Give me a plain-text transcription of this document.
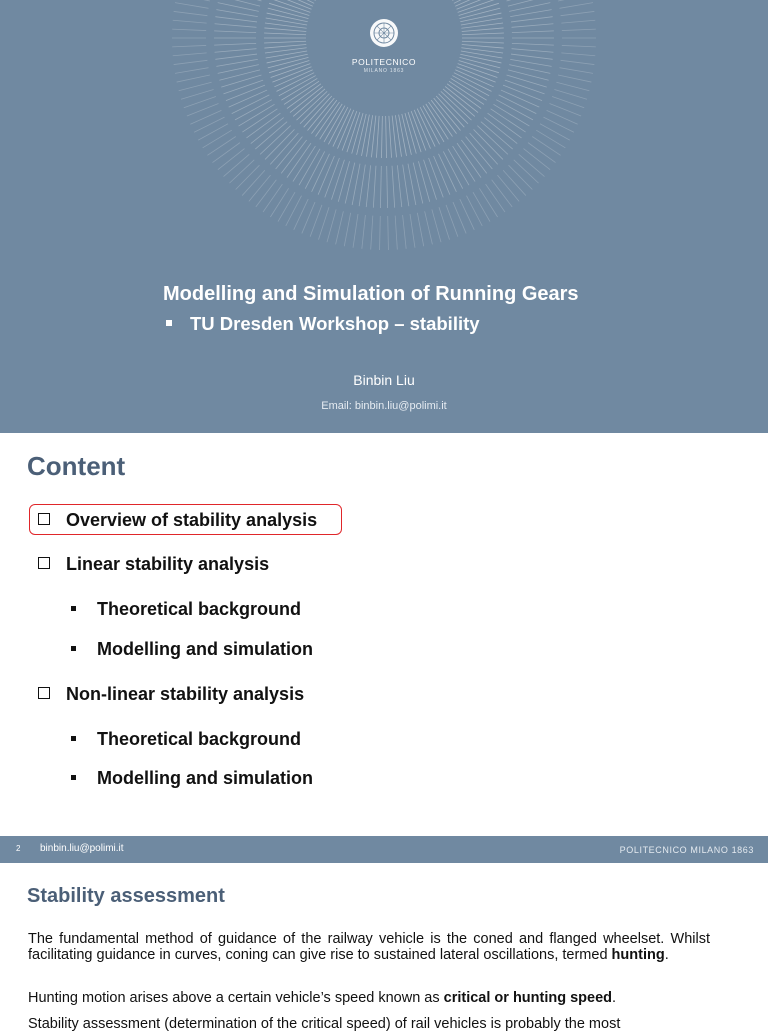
POLITECNICO
MILANO 1863
Modelling and Simulation of Running Gears
TU Dresden Workshop – stability
Binbin Liu
Email: binbin.liu@polimi.it
Content
Overview of stability analysis
Linear stability analysis
Theoretical background
Modelling and simulation
Non-linear stability analysis
Theoretical background
Modelling and simulation
2 binbin.liu@polimi.it	POLITECNICO MILANO 1863
Stability assessment
The fundamental method of guidance of the railway vehicle is the coned and flanged wheelset. Whilst facilitating guidance in curves, coning can give rise to sustained lateral oscillations, termed hunting.
Hunting motion arises above a certain vehicle’s speed known as critical or hunting speed.
Stability assessment (determination of the critical speed) of rail vehicles is probably the most
